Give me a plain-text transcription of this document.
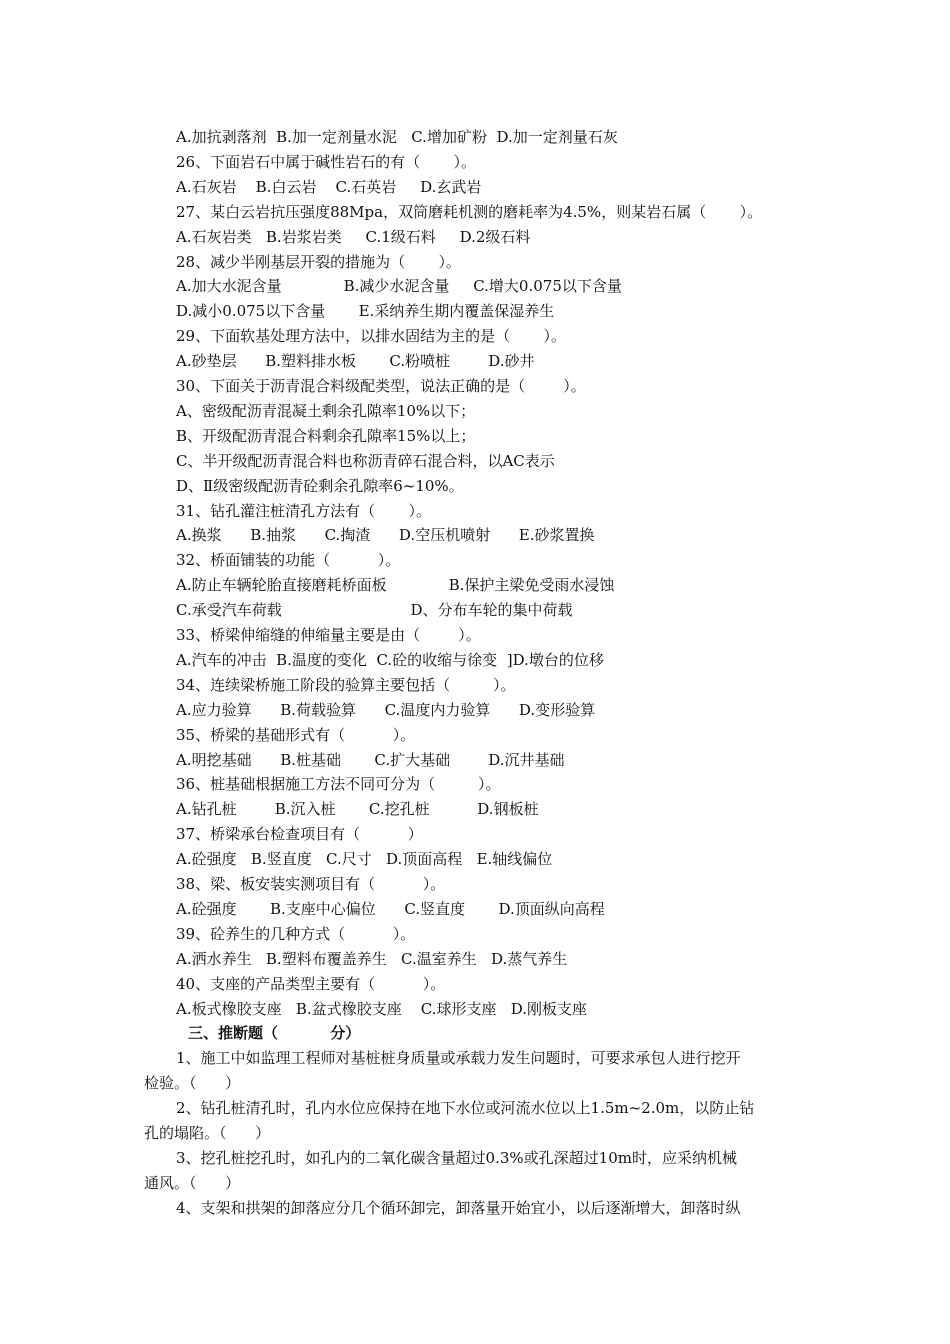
A.加抗剥落剂  B.加一定剂量水泥   C.增加矿粉  D.加一定剂量石灰
26、下面岩石中属于碱性岩石的有（       ）。
A.石灰岩    B.白云岩    C.石英岩     D.玄武岩
27、某白云岩抗压强度88Mpa，双筒磨耗机测的磨耗率为4.5%，则某岩石属（       ）。
A.石灰岩类   B.岩浆岩类     C.1级石料     D.2级石料
28、减少半刚基层开裂的措施为（       ）。
A.加大水泥含量             B.减少水泥含量     C.增大0.075以下含量
D.减小0.075以下含量       E.采纳养生期内覆盖保湿养生
29、下面软基处理方法中，以排水固结为主的是（       ）。
A.砂垫层      B.塑料排水板       C.粉喷桩        D.砂井
30、下面关于沥青混合料级配类型，说法正确的是（        ）。
A、密级配沥青混凝土剩余孔隙率10%以下；
B、开级配沥青混合料剩余孔隙率15%以上；
C、半开级配沥青混合料也称沥青碎石混合料，以AC表示
D、Ⅱ级密级配沥青砼剩余孔隙率6~10%。
31、钻孔灌注桩清孔方法有（       ）。
A.换浆      B.抽浆      C.掏渣      D.空压机喷射      E.砂浆置换
32、桥面铺装的功能（          ）。
A.防止车辆轮胎直接磨耗桥面板             B.保护主梁免受雨水浸蚀
C.承受汽车荷载                           D、分布车轮的集中荷载
33、桥梁伸缩缝的伸缩量主要是由（        ）。
A.汽车的冲击  B.温度的变化  C.砼的收缩与徐变  ]D.墩台的位移
34、连续梁桥施工阶段的验算主要包括（         ）。
A.应力验算      B.荷载验算      C.温度内力验算      D.变形验算
35、桥梁的基础形式有（          ）。
A.明挖基础      B.桩基础       C.扩大基础        D.沉井基础
36、桩基础根据施工方法不同可分为（         ）。
A.钻孔桩        B.沉入桩       C.挖孔桩          D.钢板桩
37、桥梁承台检查项目有（          ）
A.砼强度   B.竖直度   C.尺寸   D.顶面高程   E.轴线偏位
38、梁、板安装实测项目有（          ）。
A.砼强度       B.支座中心偏位      C.竖直度       D.顶面纵向高程
39、砼养生的几种方式（          ）。
A.洒水养生   B.塑料布覆盖养生   C.温室养生   D.蒸气养生
40、支座的产品类型主要有（          ）。
A.板式橡胶支座   B.盆式橡胶支座    C.球形支座   D.刚板支座
三、推断题（          分）
1、施工中如监理工程师对基桩桩身质量或承载力发生问题时，可要求承包人进行挖开
检验。（      ）
2、钻孔桩清孔时，孔内水位应保持在地下水位或河流水位以上1.5m~2.0m，以防止钻
孔的塌陷。（      ）
3、挖孔桩挖孔时，如孔内的二氧化碳含量超过0.3%或孔深超过10m时，应采纳机械
通风。（      ）
4、支架和拱架的卸落应分几个循环卸完，卸落量开始宜小，以后逐渐增大，卸落时纵
